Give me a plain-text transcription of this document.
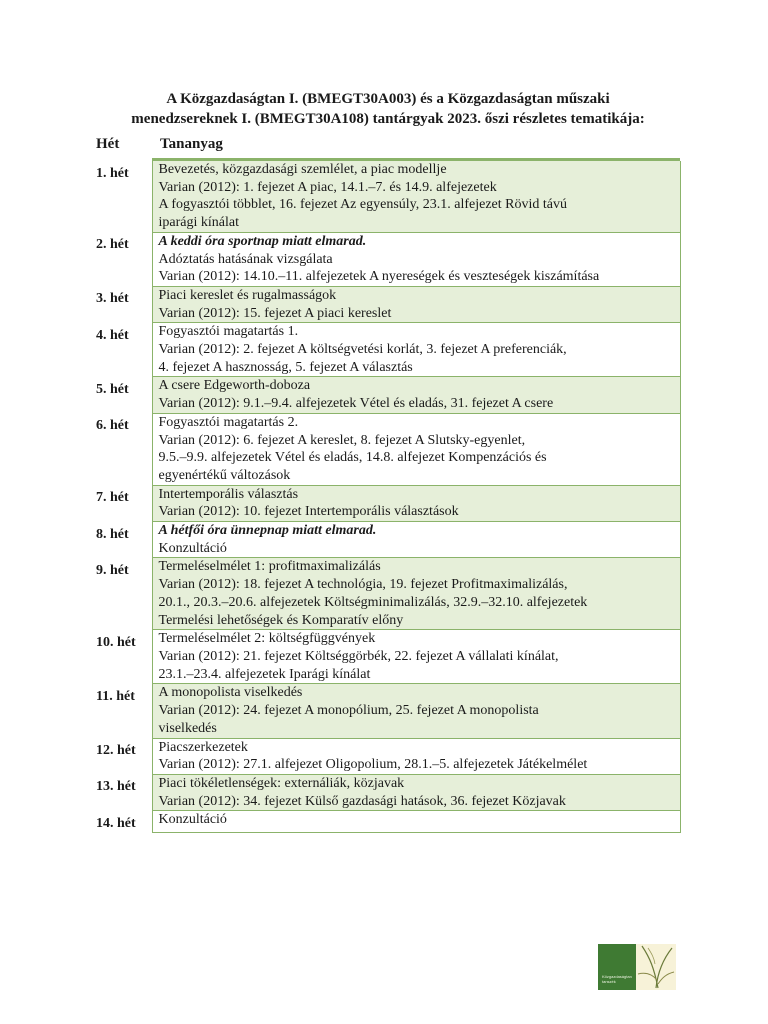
A Közgazdaságtan I. (BMEGT30A003) és a Közgazdaságtan műszaki
menedzsereknek I. (BMEGT30A108) tantárgyak 2023. őszi részletes tematikája:
Hét	Tananyag
1. hét	Bevezetés, közgazdasági szemlélet, a piac modellje
Varian (2012): 1. fejezet A piac, 14.1.–7. és 14.9. alfejezetek
A fogyasztói többlet, 16. fejezet Az egyensúly, 23.1. alfejezet Rövid távú
iparági kínálat

2. hét	A keddi óra sportnap miatt elmarad.
Adóztatás hatásának vizsgálata
Varian (2012): 14.10.–11. alfejezetek A nyereségek és veszteségek kiszámítása

3. hét	Piaci kereslet és rugalmasságok
Varian (2012): 15. fejezet A piaci kereslet

4. hét	Fogyasztói magatartás 1.
Varian (2012): 2. fejezet A költségvetési korlát, 3. fejezet A preferenciák,
4. fejezet A hasznosság, 5. fejezet A választás

5. hét	A csere Edgeworth-doboza
Varian (2012): 9.1.–9.4. alfejezetek Vétel és eladás, 31. fejezet A csere

6. hét	Fogyasztói magatartás 2.
Varian (2012): 6. fejezet A kereslet, 8. fejezet A Slutsky-egyenlet,
9.5.–9.9. alfejezetek Vétel és eladás, 14.8. alfejezet Kompenzációs és
egyenértékű változások

7. hét	Intertemporális választás
Varian (2012): 10. fejezet Intertemporális választások

8. hét	A hétfői óra ünnepnap miatt elmarad.
Konzultáció

9. hét	Termeléselmélet 1: profitmaximalizálás
Varian (2012): 18. fejezet A technológia, 19. fejezet Profitmaximalizálás,
20.1., 20.3.–20.6. alfejezetek Költségminimalizálás, 32.9.–32.10. alfejezetek
Termelési lehetőségek és Komparatív előny

10. hét	Termeléselmélet 2: költségfüggvények
Varian (2012): 21. fejezet Költséggörbék, 22. fejezet A vállalati kínálat,
23.1.–23.4. alfejezetek Iparági kínálat

11. hét	A monopolista viselkedés
Varian (2012): 24. fejezet A monopólium, 25. fejezet A monopolista
viselkedés

12. hét	Piacszerkezetek
Varian (2012): 27.1. alfejezet Oligopolium, 28.1.–5. alfejezetek Játékelmélet

13. hét	Piaci tökéletlenségek: externáliák, közjavak
Varian (2012): 34. fejezet Külső gazdasági hatások, 36. fejezet Közjavak

14. hét	Konzultáció
Közgazdaságtan
tanszék
